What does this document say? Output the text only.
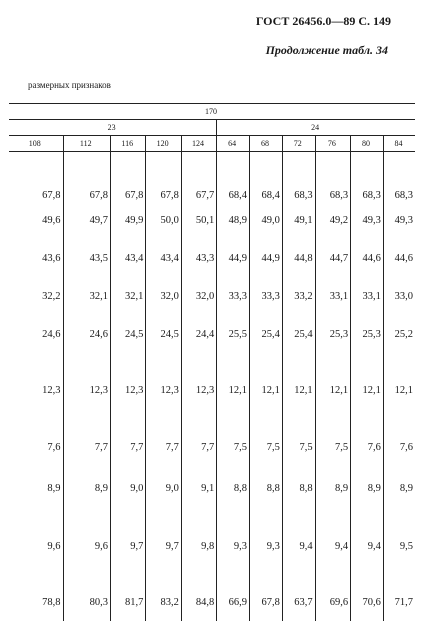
ГОСТ 26456.0—89 С. 149
Продолжение табл. 34
размерных признаков
170										
23					24					
108	112	116	120	124	64	68	72	76	80	84

67,8	67,8	67,8	67,8	67,7	68,4	68,4	68,3	68,3	68,3	68,3
49,6	49,7	49,9	50,0	50,1	48,9	49,0	49,1	49,2	49,3	49,3
43,6	43,5	43,4	43,4	43,3	44,9	44,9	44,8	44,7	44,6	44,6
32,2	32,1	32,1	32,0	32,0	33,3	33,3	33,2	33,1	33,1	33,0
24,6	24,6	24,5	24,5	24,4	25,5	25,4	25,4	25,3	25,3	25,2
12,3	12,3	12,3	12,3	12,3	12,1	12,1	12,1	12,1	12,1	12,1
7,6	7,7	7,7	7,7	7,7	7,5	7,5	7,5	7,5	7,6	7,6
8,9	8,9	9,0	9,0	9,1	8,8	8,8	8,8	8,9	8,9	8,9
9,6	9,6	9,7	9,7	9,8	9,3	9,3	9,4	9,4	9,4	9,5
78,8	80,3	81,7	83,2	84,8	66,9	67,8	63,7	69,6	70,6	71,7
